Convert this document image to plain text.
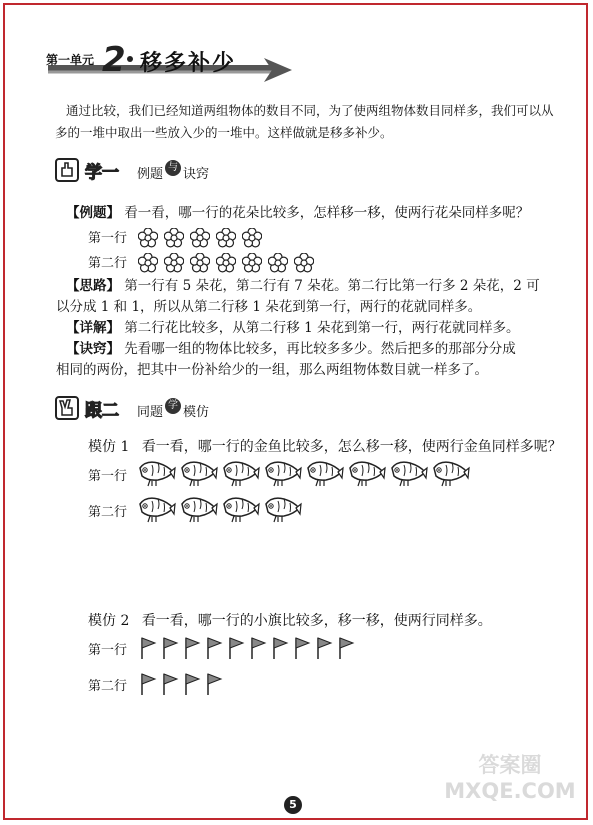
第一单元 2 移多补少
通过比较，我们已经知道两组物体的数目不同，为了使两组物体数目同样多，我们可以从
多的一堆中取出一些放入少的一堆中。这样做就是移多补少。
学一 例题 与 诀窍
【例题】 看一看，哪一行的花朵比较多，怎样移一移，使两行花朵同样多呢？
第一行
第二行
【思路】 第一行有 5 朵花，第二行有 7 朵花。第二行比第一行多 2 朵花，2 可
以分成 1 和 1，所以从第二行移 1 朵花到第一行，两行的花就同样多。
【详解】 第二行花比较多，从第二行移 1 朵花到第一行，两行花就同样多。
【诀窍】 先看哪一组的物体比较多，再比较多多少。然后把多的那部分分成
相同的两份，把其中一份补给少的一组，那么两组物体数目就一样多了。
跟二 同题 学 模仿
模仿 1 看一看，哪一行的金鱼比较多，怎么移一移，使两行金鱼同样多呢？
第一行
第二行
模仿 2 看一看，哪一行的小旗比较多，移一移，使两行同样多。
第一行
第二行
5
答案圈 MXQE.COM
